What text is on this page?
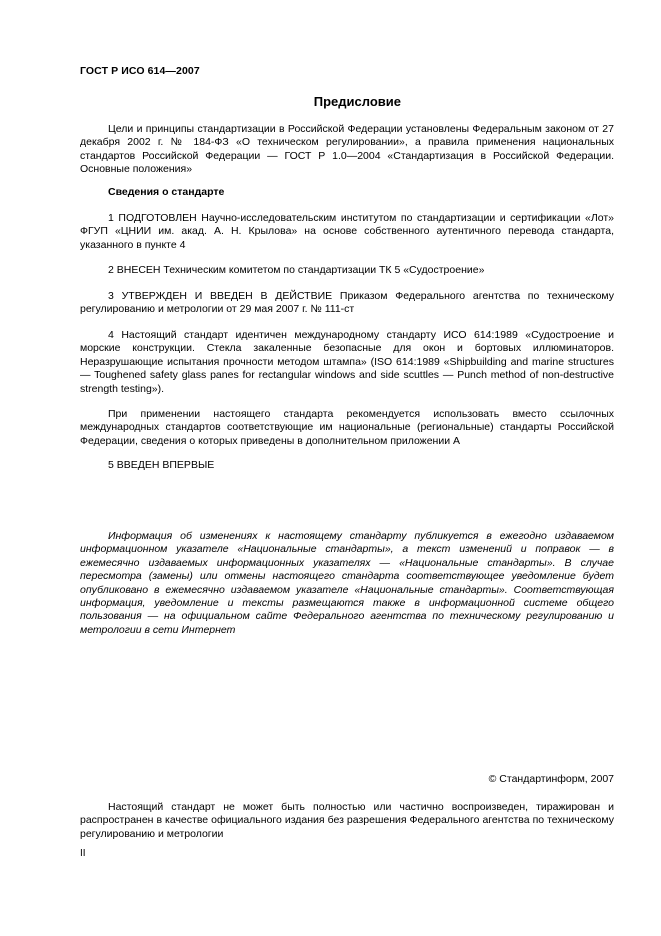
ГОСТ Р ИСО 614—2007
Предисловие

Цели и принципы стандартизации в Российской Федерации установлены Федеральным законом от 27 декабря 2002 г. № 184-ФЗ «О техническом регулировании», а правила применения национальных стандартов Российской Федерации — ГОСТ Р 1.0—2004 «Стандартизация в Российской Федерации. Основные положения»

Сведения о стандарте

1 ПОДГОТОВЛЕН Научно-исследовательским институтом по стандартизации и сертификации «Лот» ФГУП «ЦНИИ им. акад. А. Н. Крылова» на основе собственного аутентичного перевода стандарта, указанного в пункте 4

2 ВНЕСЕН Техническим комитетом по стандартизации ТК 5 «Судостроение»

3 УТВЕРЖДЕН И ВВЕДЕН В ДЕЙСТВИЕ Приказом Федерального агентства по техническому регулированию и метрологии от 29 мая 2007 г. № 111-ст

4 Настоящий стандарт идентичен международному стандарту ИСО 614:1989 «Судостроение и морские конструкции. Стекла закаленные безопасные для окон и бортовых иллюминаторов. Неразрушающие испытания прочности методом штампа» (ISO 614:1989 «Shipbuilding and marine structures — Toughened safety glass panes for rectangular windows and side scuttles — Punch method of non-destructive strength testing»).

При применении настоящего стандарта рекомендуется использовать вместо ссылочных международных стандартов соответствующие им национальные (региональные) стандарты Российской Федерации, сведения о которых приведены в дополнительном приложении А

5 ВВЕДЕН ВПЕРВЫЕ

Информация об изменениях к настоящему стандарту публикуется в ежегодно издаваемом информационном указателе «Национальные стандарты», а текст изменений и поправок — в ежемесячно издаваемых информационных указателях — «Национальные стандарты». В случае пересмотра (замены) или отмены настоящего стандарта соответствующее уведомление будет опубликовано в ежемесячно издаваемом указателе «Национальные стандарты». Соответствующая информация, уведомление и тексты размещаются также в информационной системе общего пользования — на официальном сайте Федерального агентства по техническому регулированию и метрологии в сети Интернет

© Стандартинформ, 2007

Настоящий стандарт не может быть полностью или частично воспроизведен, тиражирован и распространен в качестве официального издания без разрешения Федерального агентства по техническому регулированию и метрологии

II
